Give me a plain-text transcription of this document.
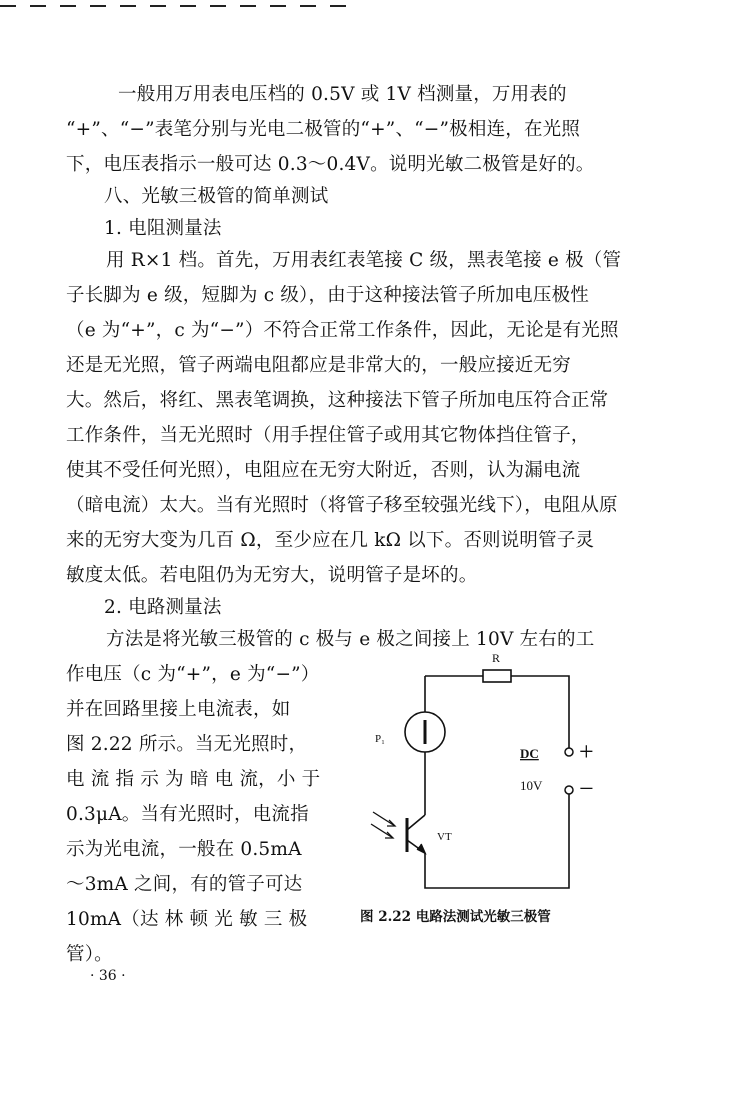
一般用万用表电压档的 0.5V 或 1V 档测量，万用表的
“+”、“−”表笔分别与光电二极管的“+”、“−”极相连，在光照
下，电压表指示一般可达 0.3～0.4V。说明光敏二极管是好的。
八、光敏三极管的简单测试
1. 电阻测量法
用 R×1 档。首先，万用表红表笔接 C 级，黑表笔接 e 极（管
子长脚为 e 级，短脚为 c 级），由于这种接法管子所加电压极性
（e 为“+”，c 为“−”）不符合正常工作条件，因此，无论是有光照
还是无光照，管子两端电阻都应是非常大的，一般应接近无穷
大。然后，将红、黑表笔调换，这种接法下管子所加电压符合正常
工作条件，当无光照时（用手捏住管子或用其它物体挡住管子，
使其不受任何光照），电阻应在无穷大附近，否则，认为漏电流
（暗电流）太大。当有光照时（将管子移至较强光线下），电阻从原
来的无穷大变为几百 Ω，至少应在几 kΩ 以下。否则说明管子灵
敏度太低。若电阻仍为无穷大，说明管子是坏的。
2. 电路测量法
方法是将光敏三极管的 c 极与 e 极之间接上 10V 左右的工
作电压（c 为“+”，e 为“−”）
并在回路里接上电流表，如
图 2.22 所示。当无光照时，
电 流 指 示 为 暗 电 流，小 于
0.3μA。当有光照时，电流指
示为光电流，一般在 0.5mA
～3mA 之间，有的管子可达
10mA（达 林 顿 光 敏 三 极
管）。
R
P₁	+
−
DC
10V
VT
图 2.22 电路法测试光敏三极管
· 36 ·
